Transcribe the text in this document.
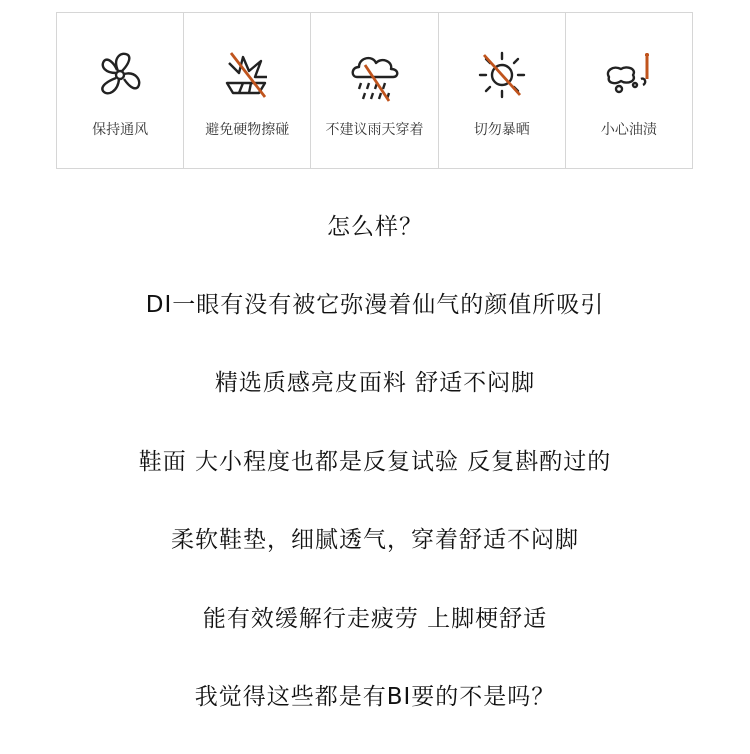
保持通风	避免硬物擦碰	不建议雨天穿着	切勿暴晒	小心油渍
怎么样？
DI一眼有没有被它弥漫着仙气的颜值所吸引
精选质感亮皮面料 舒适不闷脚
鞋面 大小程度也都是反复试验 反复斟酌过的
柔软鞋垫，细腻透气，穿着舒适不闷脚
能有效缓解行走疲劳 上脚梗舒适
我觉得这些都是有BI要的不是吗？
